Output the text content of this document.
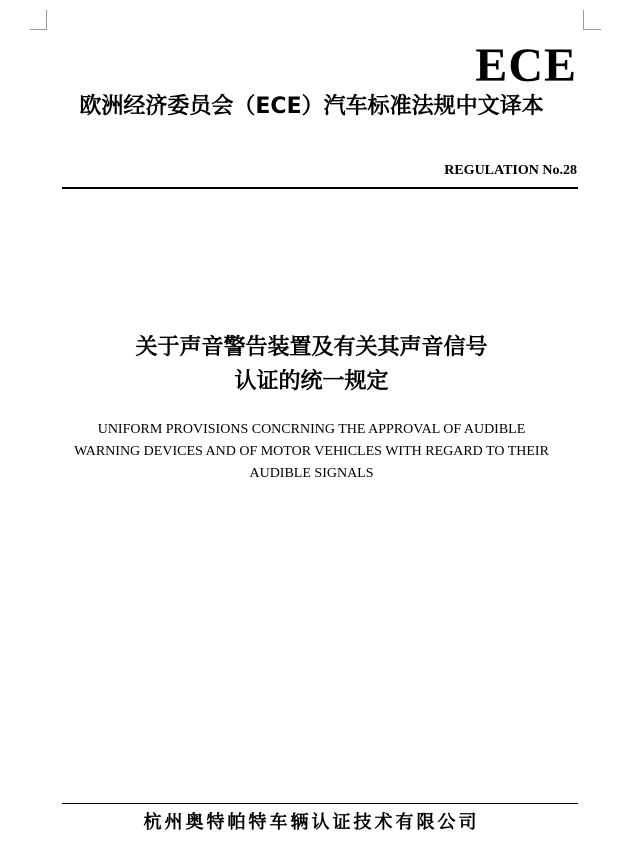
ECE
欧洲经济委员会（ECE）汽车标准法规中文译本
REGULATION No.28
关于声音警告装置及有关其声音信号
认证的统一规定
UNIFORM PROVISIONS CONCRNING THE APPROVAL OF AUDIBLE
WARNING DEVICES AND OF MOTOR VEHICLES WITH REGARD TO THEIR
AUDIBLE SIGNALS
杭州奥特帕特车辆认证技术有限公司
